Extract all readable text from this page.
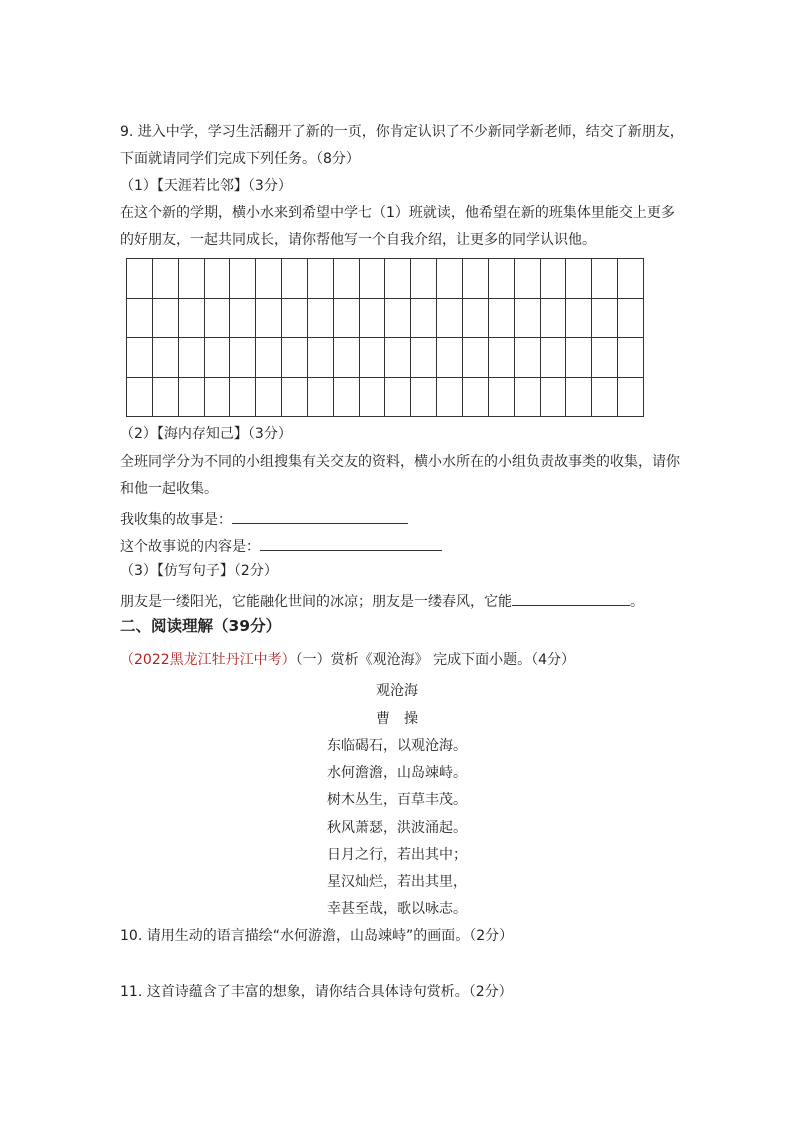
9. 进入中学，学习生活翻开了新的一页，你肯定认识了不少新同学新老师，结交了新朋友，
下面就请同学们完成下列任务。（8分）
（1）【天涯若比邻】（3分）
在这个新的学期，横小水来到希望中学七（1）班就读，他希望在新的班集体里能交上更多
的好朋友，一起共同成长，请你帮他写一个自我介绍，让更多的同学认识他。

（2）【海内存知己】（3分）
全班同学分为不同的小组搜集有关交友的资料，横小水所在的小组负责故事类的收集，请你
和他一起收集。
我收集的故事是：
这个故事说的内容是：
（3）【仿写句子】（2分）
朋友是一缕阳光，它能融化世间的冰凉；朋友是一缕春风，它能	。
二、阅读理解（39分）
（2022黑龙江牡丹江中考）（一）赏析《观沧海》 完成下面小题。（4分）
观沧海
曹　操
东临碣石，以观沧海。
水何澹澹，山岛竦峙。
树木丛生，百草丰茂。
秋风萧瑟，洪波涌起。
日月之行，若出其中；
星汉灿烂，若出其里，
幸甚至哉，歌以咏志。
10. 请用生动的语言描绘“水何游澹，山岛竦峙”的画面。（2分）
11. 这首诗蕴含了丰富的想象，请你结合具体诗句赏析。（2分）
